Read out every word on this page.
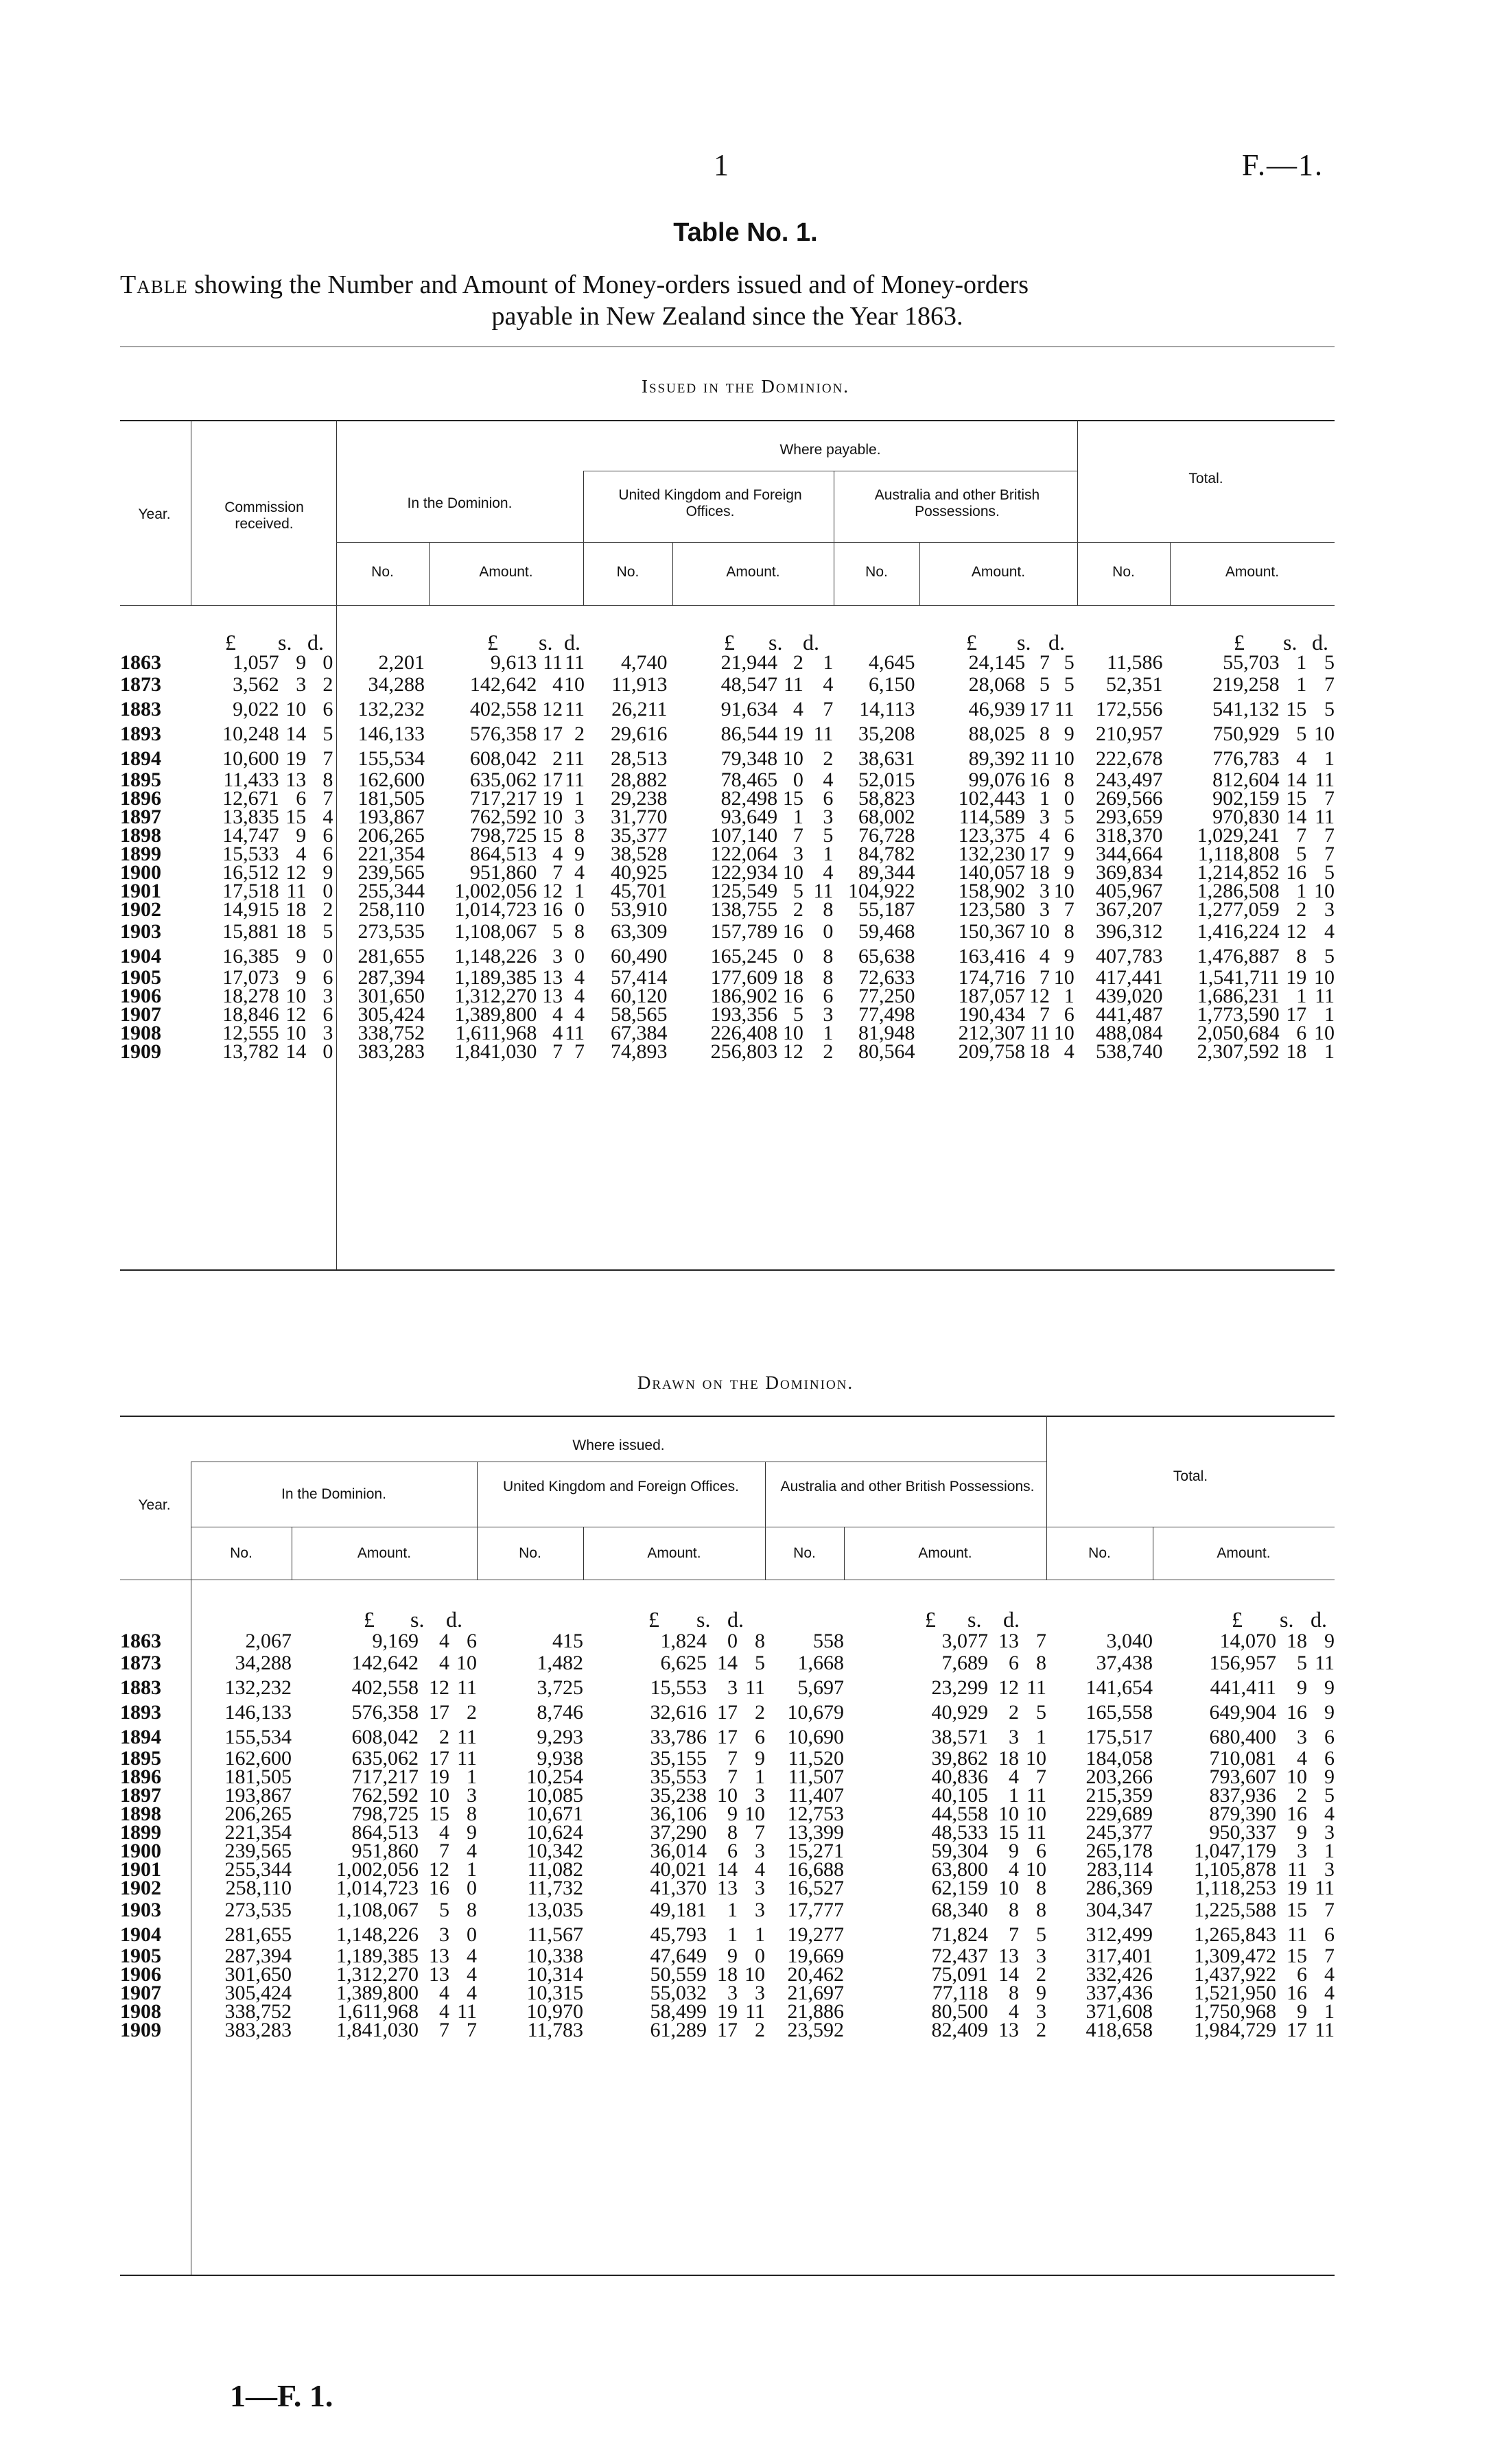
1	F.—1.
Table No. 1.
Table showing the Number and Amount of Money-orders issued and of Money-orders
payable in New Zealand since the Year 1863.
Issued in the Dominion.
Year.	Commission received.
Where payable.
In the Dominion.
United Kingdom and Foreign Offices.
Australia and other British Possessions.
Total.
No.	Amount.	No.	Amount.	No.	Amount.	No.	Amount.
£ s. d.	£ s. d.	£ s. d.	£ s. d.	£ s. d.
1863	1,057	9	0	2,201	9,613	11	11	4,740	21,944	2	1	4,645	24,145	7	5	11,586	55,703	1	5
1873	3,562	3	2	34,288	142,642	4	10	11,913	48,547	11	4	6,150	28,068	5	5	52,351	219,258	1	7
1883	9,022	10	6	132,232	402,558	12	11	26,211	91,634	4	7	14,113	46,939	17	11	172,556	541,132	15	5
1893	10,248	14	5	146,133	576,358	17	2	29,616	86,544	19	11	35,208	88,025	8	9	210,957	750,929	5	10
1894	10,600	19	7	155,534	608,042	2	11	28,513	79,348	10	2	38,631	89,392	11	10	222,678	776,783	4	1
1895	11,433	13	8	162,600	635,062	17	11	28,882	78,465	0	4	52,015	99,076	16	8	243,497	812,604	14	11
1896	12,671	6	7	181,505	717,217	19	1	29,238	82,498	15	6	58,823	102,443	1	0	269,566	902,159	15	7
1897	13,835	15	4	193,867	762,592	10	3	31,770	93,649	1	3	68,002	114,589	3	5	293,659	970,830	14	11
1898	14,747	9	6	206,265	798,725	15	8	35,377	107,140	7	5	76,728	123,375	4	6	318,370	1,029,241	7	7
1899	15,533	4	6	221,354	864,513	4	9	38,528	122,064	3	1	84,782	132,230	17	9	344,664	1,118,808	5	7
1900	16,512	12	9	239,565	951,860	7	4	40,925	122,934	10	4	89,344	140,057	18	9	369,834	1,214,852	16	5
1901	17,518	11	0	255,344	1,002,056	12	1	45,701	125,549	5	11	104,922	158,902	3	10	405,967	1,286,508	1	10
1902	14,915	18	2	258,110	1,014,723	16	0	53,910	138,755	2	8	55,187	123,580	3	7	367,207	1,277,059	2	3
1903	15,881	18	5	273,535	1,108,067	5	8	63,309	157,789	16	0	59,468	150,367	10	8	396,312	1,416,224	12	4
1904	16,385	9	0	281,655	1,148,226	3	0	60,490	165,245	0	8	65,638	163,416	4	9	407,783	1,476,887	8	5
1905	17,073	9	6	287,394	1,189,385	13	4	57,414	177,609	18	8	72,633	174,716	7	10	417,441	1,541,711	19	10
1906	18,278	10	3	301,650	1,312,270	13	4	60,120	186,902	16	6	77,250	187,057	12	1	439,020	1,686,231	1	11
1907	18,846	12	6	305,424	1,389,800	4	4	58,565	193,356	5	3	77,498	190,434	7	6	441,487	1,773,590	17	1
1908	12,555	10	3	338,752	1,611,968	4	11	67,384	226,408	10	1	81,948	212,307	11	10	488,084	2,050,684	6	10
1909	13,782	14	0	383,283	1,841,030	7	7	74,893	256,803	12	2	80,564	209,758	18	4	538,740	2,307,592	18	1
Drawn on the Dominion.
Where issued.
Year.
In the Dominion.	United Kingdom and Foreign Offices.	Australia and other British Possessions.
Total.
No.	Amount.	No.	Amount.	No.	Amount.	No.	Amount.
£ s. d.	£ s. d.	£ s. d.	£ s. d.
1863	2,067	9,169	4	6	415	1,824	0	8	558	3,077	13	7	3,040	14,070	18	9
1873	34,288	142,642	4	10	1,482	6,625	14	5	1,668	7,689	6	8	37,438	156,957	5	11
1883	132,232	402,558	12	11	3,725	15,553	3	11	5,697	23,299	12	11	141,654	441,411	9	9
1893	146,133	576,358	17	2	8,746	32,616	17	2	10,679	40,929	2	5	165,558	649,904	16	9
1894	155,534	608,042	2	11	9,293	33,786	17	6	10,690	38,571	3	1	175,517	680,400	3	6
1895	162,600	635,062	17	11	9,938	35,155	7	9	11,520	39,862	18	10	184,058	710,081	4	6
1896	181,505	717,217	19	1	10,254	35,553	7	1	11,507	40,836	4	7	203,266	793,607	10	9
1897	193,867	762,592	10	3	10,085	35,238	10	3	11,407	40,105	1	11	215,359	837,936	2	5
1898	206,265	798,725	15	8	10,671	36,106	9	10	12,753	44,558	10	10	229,689	879,390	16	4
1899	221,354	864,513	4	9	10,624	37,290	8	7	13,399	48,533	15	11	245,377	950,337	9	3
1900	239,565	951,860	7	4	10,342	36,014	6	3	15,271	59,304	9	6	265,178	1,047,179	3	1
1901	255,344	1,002,056	12	1	11,082	40,021	14	4	16,688	63,800	4	10	283,114	1,105,878	11	3
1902	258,110	1,014,723	16	0	11,732	41,370	13	3	16,527	62,159	10	8	286,369	1,118,253	19	11
1903	273,535	1,108,067	5	8	13,035	49,181	1	3	17,777	68,340	8	8	304,347	1,225,588	15	7
1904	281,655	1,148,226	3	0	11,567	45,793	1	1	19,277	71,824	7	5	312,499	1,265,843	11	6
1905	287,394	1,189,385	13	4	10,338	47,649	9	0	19,669	72,437	13	3	317,401	1,309,472	15	7
1906	301,650	1,312,270	13	4	10,314	50,559	18	10	20,462	75,091	14	2	332,426	1,437,922	6	4
1907	305,424	1,389,800	4	4	10,315	55,032	3	3	21,697	77,118	8	9	337,436	1,521,950	16	4
1908	338,752	1,611,968	4	11	10,970	58,499	19	11	21,886	80,500	4	3	371,608	1,750,968	9	1
1909	383,283	1,841,030	7	7	11,783	61,289	17	2	23,592	82,409	13	2	418,658	1,984,729	17	11
1—F. 1.
